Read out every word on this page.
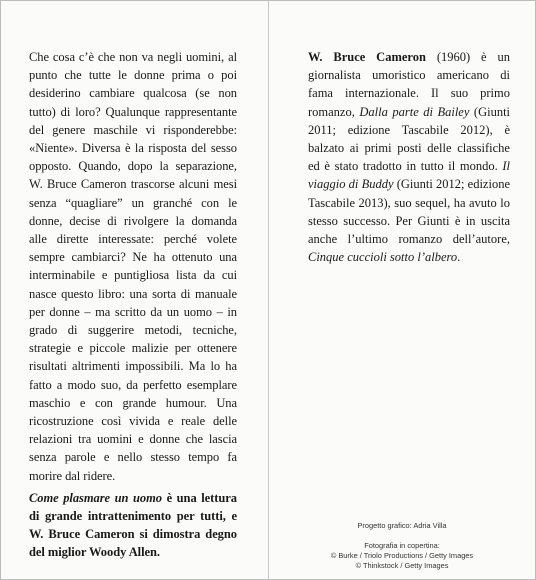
Che cosa c’è che non va negli uomini, al punto che tutte le donne prima o poi desiderino cambiare qualcosa (se non tutto) di loro? Qualunque rappresentante del genere maschile vi risponderebbe: «Niente». Diversa è la risposta del sesso opposto. Quando, dopo la separazione, W. Bruce Cameron trascorse alcuni mesi senza “quagliare” un granché con le donne, decise di rivolgere la domanda alle dirette interessate: perché volete sempre cambiarci? Ne ha ottenuto una interminabile e puntigliosa lista da cui nasce questo libro: una sorta di manuale per donne – ma scritto da un uomo – in grado di suggerire metodi, tecniche, strategie e piccole malizie per ottenere risultati altrimenti impossibili. Ma lo ha fatto a modo suo, da perfetto esemplare maschio e con grande humour. Una ricostruzione così vivida e reale delle relazioni tra uomini e donne che lascia senza parole e nello stesso tempo fa morire dal ridere.

Come plasmare un uomo è una lettura di grande intrattenimento per tutti, e W. Bruce Cameron si dimostra degno del miglior Woody Allen.

W. Bruce Cameron (1960) è un giornalista umoristico americano di fama internazionale. Il suo primo romanzo, Dalla parte di Bailey (Giunti 2011; edizione Tascabile 2012), è balzato ai primi posti delle classifiche ed è stato tradotto in tutto il mondo. Il viaggio di Buddy (Giunti 2012; edizione Tascabile 2013), suo sequel, ha avuto lo stesso successo. Per Giunti è in uscita anche l’ultimo romanzo dell’autore, Cinque cuccioli sotto l’albero.

Progetto grafico: Adria Villa
Fotografia in copertina:
© Burke / Triolo Productions / Getty Images
© Thinkstock / Getty Images
